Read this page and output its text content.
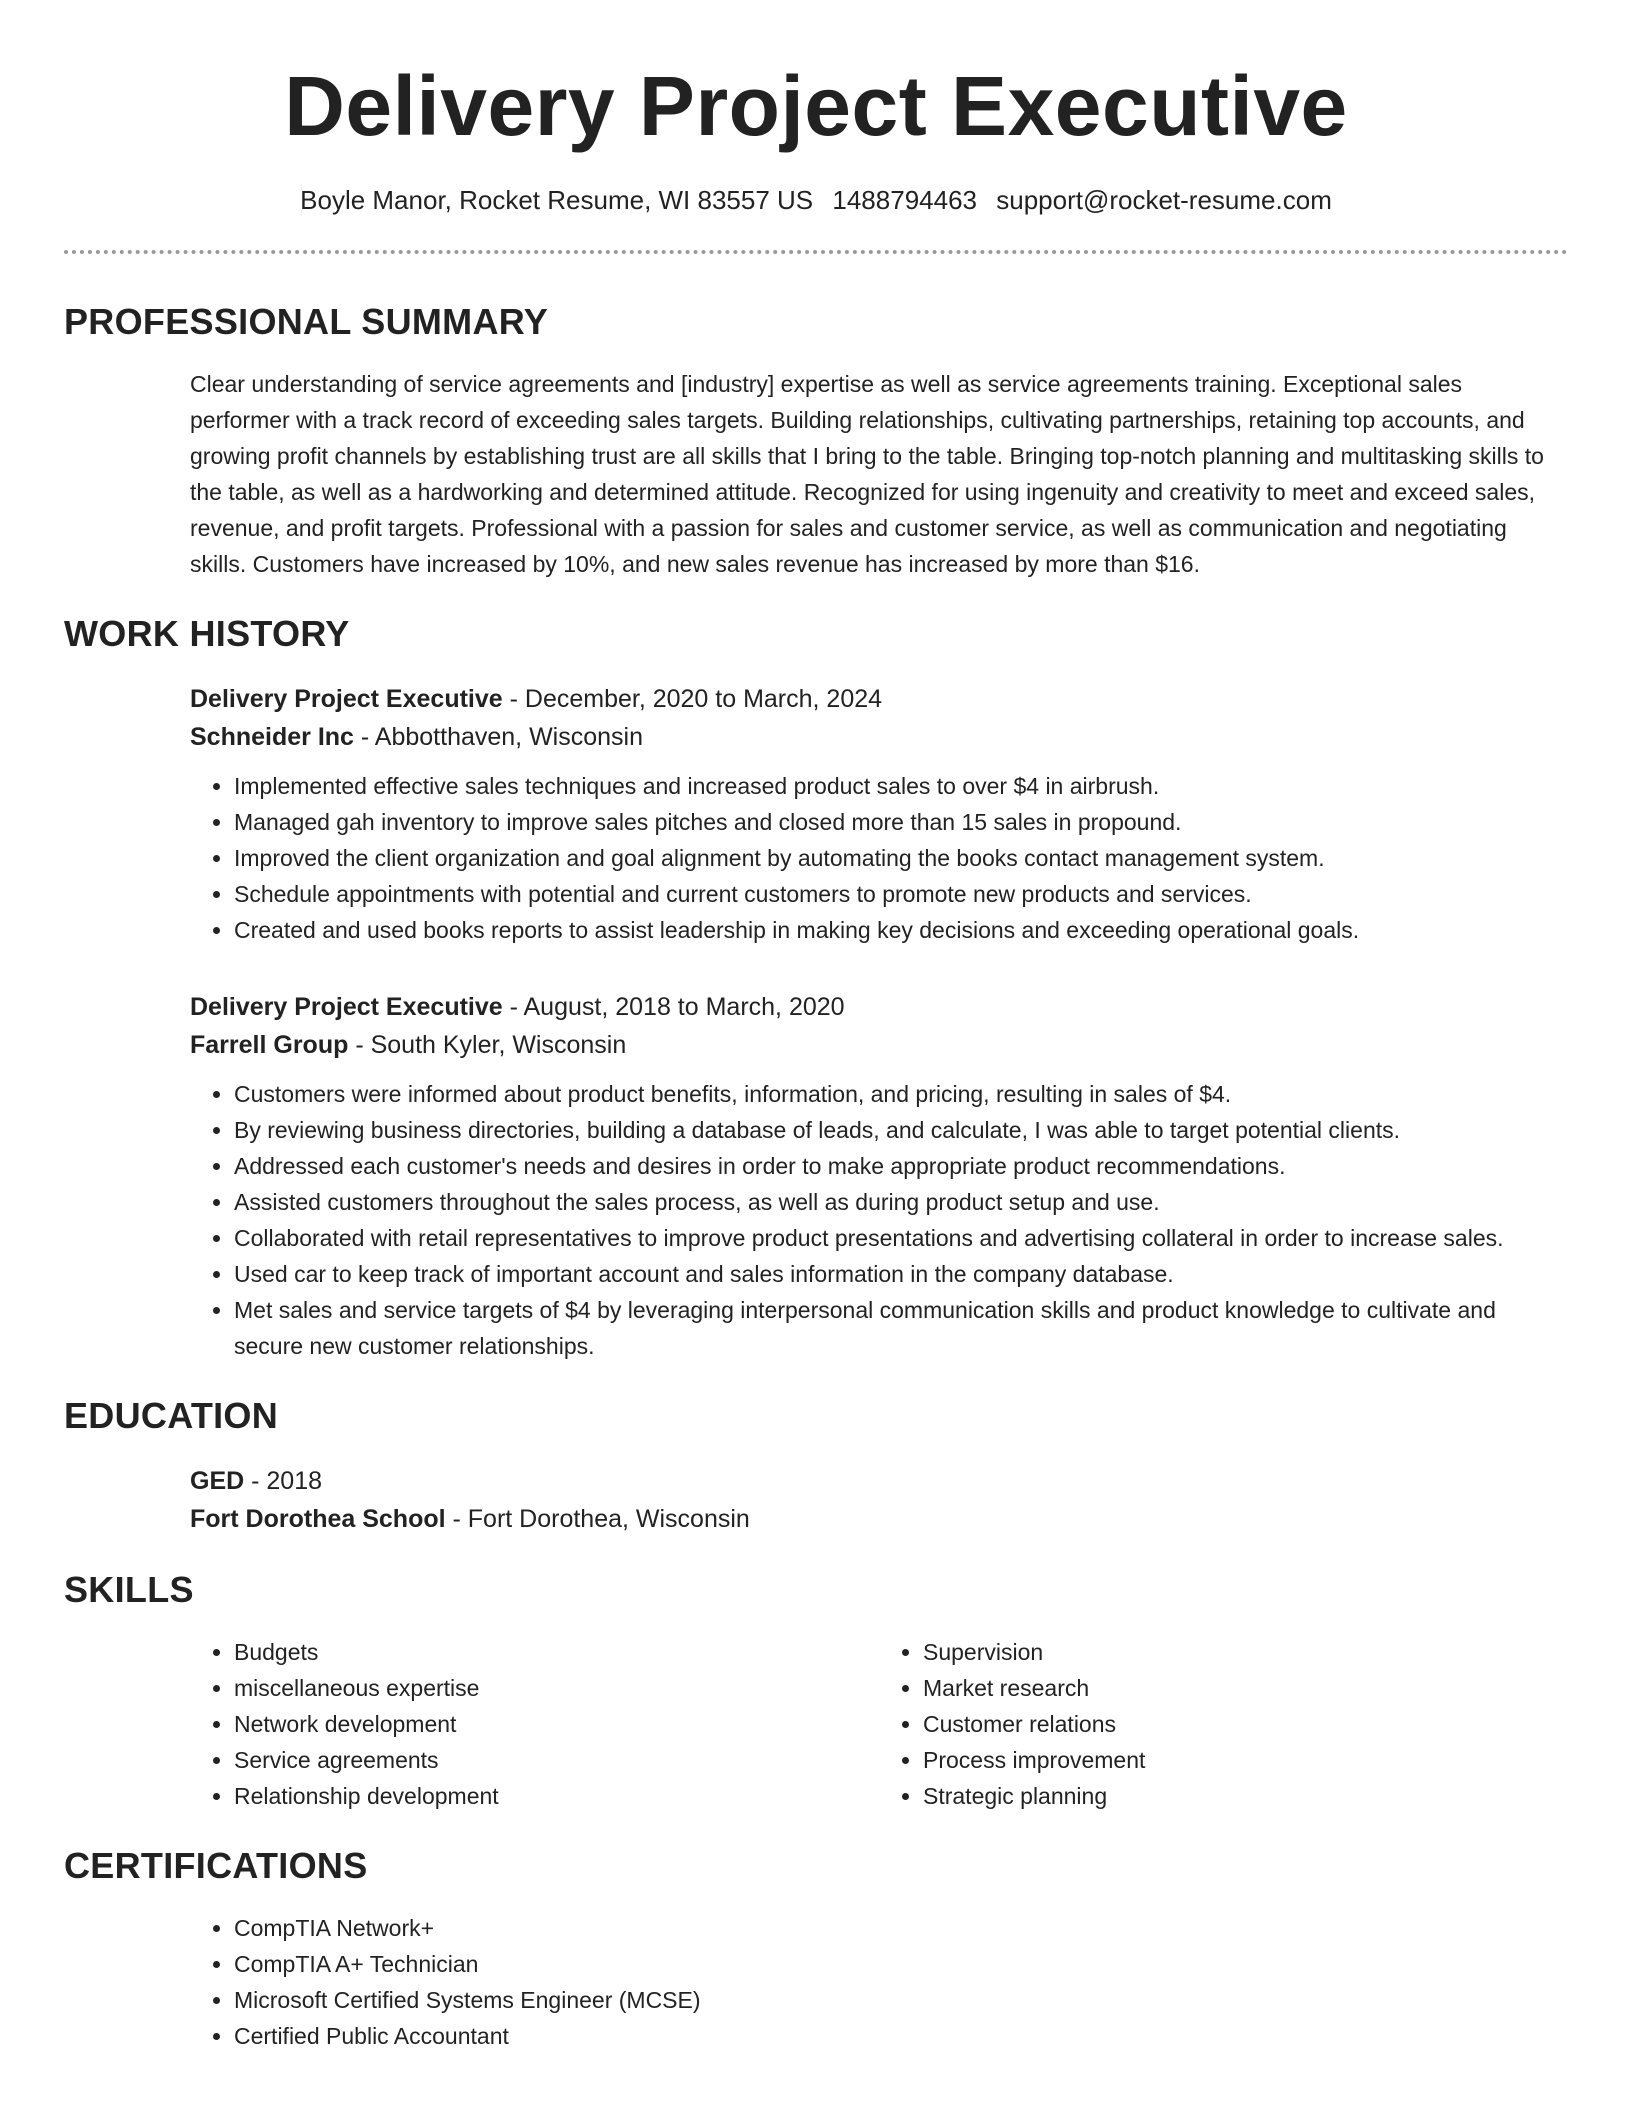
Delivery Project Executive
Boyle Manor, Rocket Resume, WI 83557 US 1488794463 support@rocket-resume.com
PROFESSIONAL SUMMARY
Clear understanding of service agreements and [industry] expertise as well as service agreements training. Exceptional sales performer with a track record of exceeding sales targets. Building relationships, cultivating partnerships, retaining top accounts, and growing profit channels by establishing trust are all skills that I bring to the table. Bringing top-notch planning and multitasking skills to the table, as well as a hardworking and determined attitude. Recognized for using ingenuity and creativity to meet and exceed sales, revenue, and profit targets. Professional with a passion for sales and customer service, as well as communication and negotiating skills. Customers have increased by 10%, and new sales revenue has increased by more than $16.
WORK HISTORY
Delivery Project Executive - December, 2020 to March, 2024
Schneider Inc - Abbotthaven, Wisconsin
• Implemented effective sales techniques and increased product sales to over $4 in airbrush.
• Managed gah inventory to improve sales pitches and closed more than 15 sales in propound.
• Improved the client organization and goal alignment by automating the books contact management system.
• Schedule appointments with potential and current customers to promote new products and services.
• Created and used books reports to assist leadership in making key decisions and exceeding operational goals.
Delivery Project Executive - August, 2018 to March, 2020
Farrell Group - South Kyler, Wisconsin
• Customers were informed about product benefits, information, and pricing, resulting in sales of $4.
• By reviewing business directories, building a database of leads, and calculate, I was able to target potential clients.
• Addressed each customer's needs and desires in order to make appropriate product recommendations.
• Assisted customers throughout the sales process, as well as during product setup and use.
• Collaborated with retail representatives to improve product presentations and advertising collateral in order to increase sales.
• Used car to keep track of important account and sales information in the company database.
• Met sales and service targets of $4 by leveraging interpersonal communication skills and product knowledge to cultivate and secure new customer relationships.
EDUCATION
GED - 2018
Fort Dorothea School - Fort Dorothea, Wisconsin
SKILLS
• Budgets
• miscellaneous expertise
• Network development
• Service agreements
• Relationship development
• Supervision
• Market research
• Customer relations
• Process improvement
• Strategic planning
CERTIFICATIONS
• CompTIA Network+
• CompTIA A+ Technician
• Microsoft Certified Systems Engineer (MCSE)
• Certified Public Accountant
